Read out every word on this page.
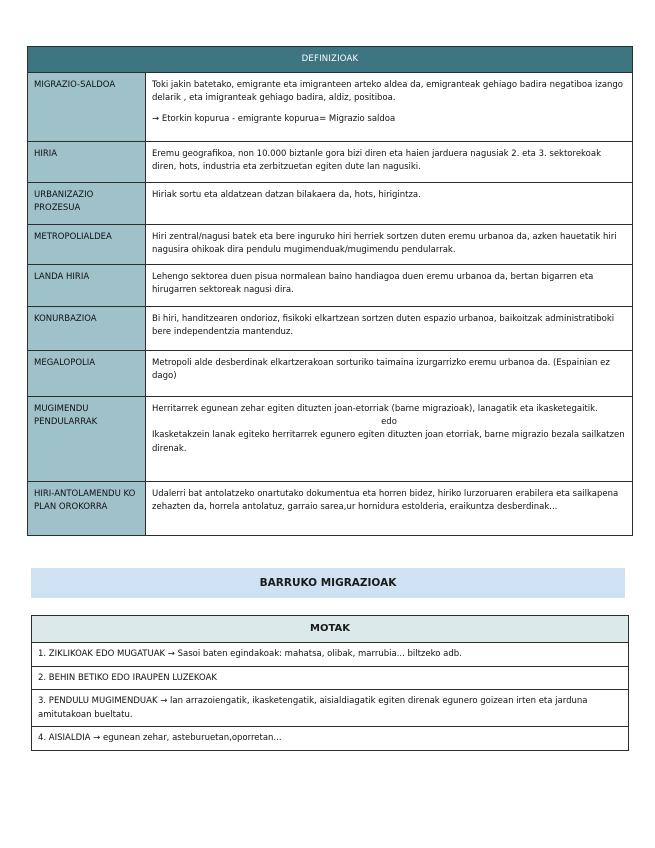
DEFINIZIOAK	
MIGRAZIO-SALDOA	Toki jakin batetako, emigrante eta imigranteen arteko aldea da, emigranteak gehiago badira negatiboa izango delarik , eta imigranteak gehiago badira, aldiz, positiboa.

→ Etorkin kopurua - emigrante kopurua= Migrazio saldoa

HIRIA	Eremu geografikoa, non 10.000 biztanle gora bizi diren eta haien jarduera nagusiak 2. eta 3. sektorekoak diren, hots, industria eta zerbitzuetan egiten dute lan nagusiki.

URBANIZAZIO PROZESUA	Hiriak sortu eta aldatzean datzan bilakaera da, hots, hirigintza.

METROPOLIALDEA	Hiri zentral/nagusi batek eta bere inguruko hiri herriek sortzen duten eremu urbanoa da, azken hauetatik hiri nagusira ohikoak dira pendulu mugimenduak/mugimendu pendularrak.

LANDA HIRIA	Lehengo sektorea duen pisua normalean baino handiagoa duen eremu urbanoa da, bertan bigarren eta hirugarren sektoreak nagusi dira.

KONURBAZIOA	Bi hiri, handitzearen ondorioz, fisikoki elkartzean sortzen duten espazio urbanoa, baikoitzak administratiboki bere independentzia mantenduz.

MEGALOPOLIA	Metropoli alde desberdinak elkartzerakoan sorturiko taimaina izurgarrizko eremu urbanoa da. (Espainian ez dago)

MUGIMENDU PENDULARRAK	Herritarrek egunean zehar egiten dituzten joan-etorriak (barne migrazioak), lanagatik eta ikasketegaitik.

edo

Ikasketakzein lanak egiteko herritarrek egunero egiten dituzten joan etorriak, barne migrazio bezala sailkatzen direnak.

HIRI-ANTOLAMENDU KO PLAN OROKORRA	Udalerri bat antolatzeko onartutako dokumentua eta horren bidez, hiriko lurzoruaren erabilera eta sailkapena zehazten da, horrela antolatuz, garraio sarea,ur hornidura estolderia, eraikuntza desberdinak...

BARRUKO MIGRAZIOAK
MOTAK
1. ZIKLIKOAK EDO MUGATUAK → Sasoi baten egindakoak: mahatsa, olibak, marrubia... biltzeko adb.
2. BEHIN BETIKO EDO IRAUPEN LUZEKOAK
3. PENDULU MUGIMENDUAK → lan arrazoiengatik, ikasketengatik, aisialdiagatik egiten direnak egunero goizean irten eta jarduna amitutakoan bueltatu.
4. AISIALDIA → egunean zehar, asteburuetan,oporretan...
